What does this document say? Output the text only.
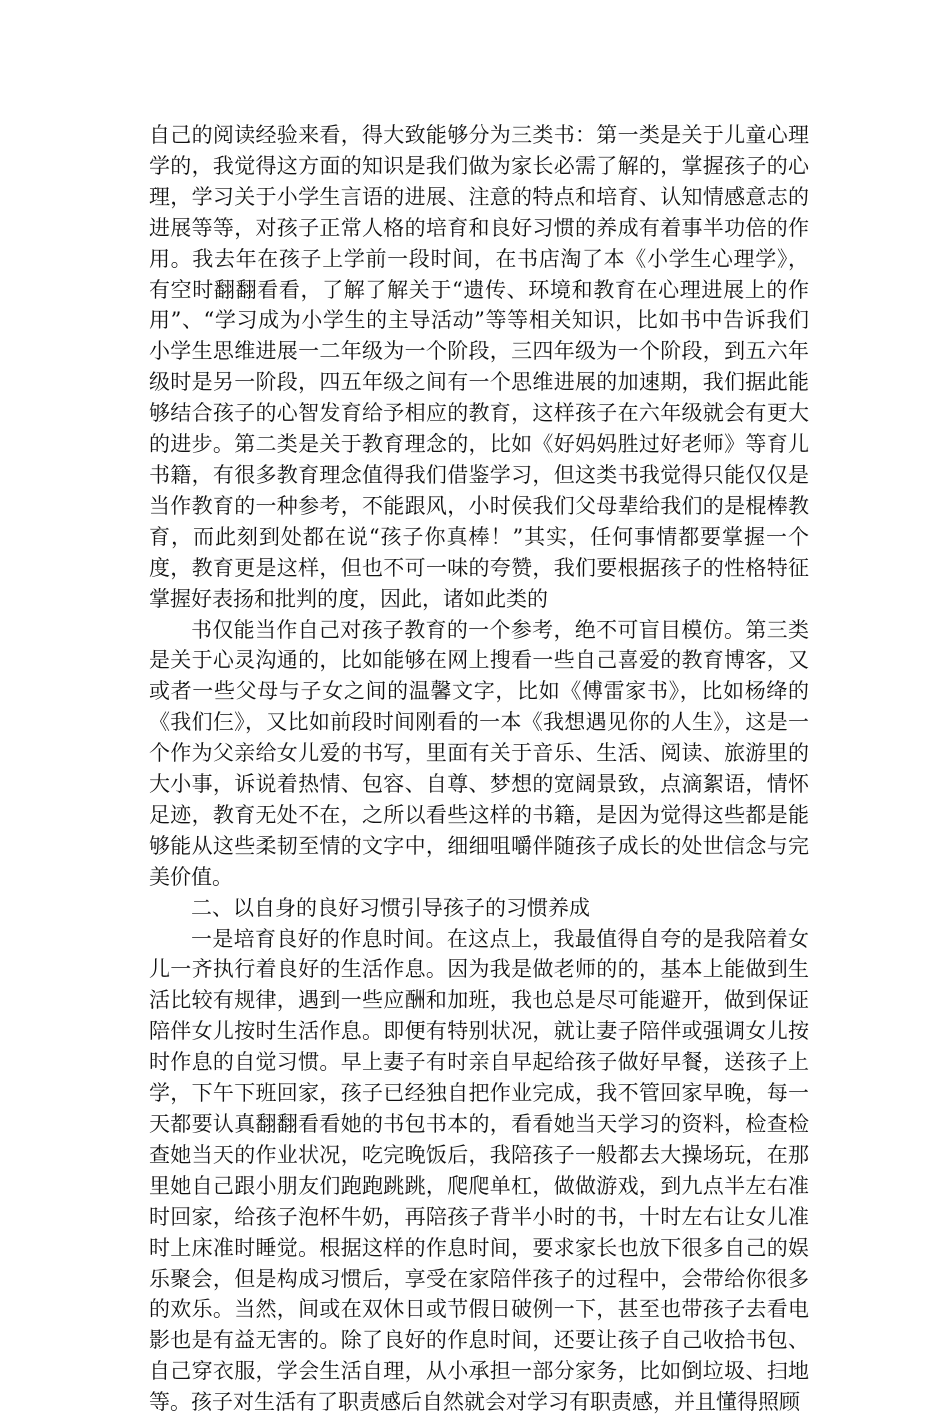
自己的阅读经验来看，得大致能够分为三类书：第一类是关于儿童心理学的，我觉得这方面的知识是我们做为家长必需了解的，掌握孩子的心理，学习关于小学生言语的进展、注意的特点和培育、认知情感意志的进展等等，对孩子正常人格的培育和良好习惯的养成有着事半功倍的作用。我去年在孩子上学前一段时间，在书店淘了本《小学生心理学》，有空时翻翻看看，了解了解关于“遗传、环境和教育在心理进展上的作用”、“学习成为小学生的主导活动”等等相关知识，比如书中告诉我们小学生思维进展一二年级为一个阶段，三四年级为一个阶段，到五六年级时是另一阶段，四五年级之间有一个思维进展的加速期，我们据此能够结合孩子的心智发育给予相应的教育，这样孩子在六年级就会有更大的进步。第二类是关于教育理念的，比如《好妈妈胜过好老师》等育儿书籍，有很多教育理念值得我们借鉴学习，但这类书我觉得只能仅仅是当作教育的一种参考，不能跟风，小时侯我们父母辈给我们的是棍棒教育，而此刻到处都在说“孩子你真棒！”其实，任何事情都要掌握一个度，教育更是这样，但也不可一味的夸赞，我们要根据孩子的性格特征掌握好表扬和批判的度，因此，诸如此类的

书仅能当作自己对孩子教育的一个参考，绝不可盲目模仿。第三类是关于心灵沟通的，比如能够在网上搜看一些自己喜爱的教育博客，又或者一些父母与子女之间的温馨文字，比如《傅雷家书》，比如杨绛的《我们仨》，又比如前段时间刚看的一本《我想遇见你的人生》，这是一个作为父亲给女儿爱的书写，里面有关于音乐、生活、阅读、旅游里的大小事，诉说着热情、包容、自尊、梦想的宽阔景致，点滴絮语，情怀足迹，教育无处不在，之所以看些这样的书籍，是因为觉得这些都是能够能从这些柔韧至情的文字中，细细咀嚼伴随孩子成长的处世信念与完美价值。

二、以自身的良好习惯引导孩子的习惯养成

一是培育良好的作息时间。在这点上，我最值得自夸的是我陪着女儿一齐执行着良好的生活作息。因为我是做老师的的，基本上能做到生活比较有规律，遇到一些应酬和加班，我也总是尽可能避开，做到保证陪伴女儿按时生活作息。即便有特别状况，就让妻子陪伴或强调女儿按时作息的自觉习惯。早上妻子有时亲自早起给孩子做好早餐，送孩子上学，下午下班回家，孩子已经独自把作业完成，我不管回家早晚，每一天都要认真翻翻看看她的书包书本的，看看她当天学习的资料，检查检查她当天的作业状况，吃完晚饭后，我陪孩子一般都去大操场玩，在那里她自己跟小朋友们跑跑跳跳，爬爬单杠，做做游戏，到九点半左右准时回家，给孩子泡杯牛奶，再陪孩子背半小时的书，十时左右让女儿准时上床准时睡觉。根据这样的作息时间，要求家长也放下很多自己的娱乐聚会，但是构成习惯后，享受在家陪伴孩子的过程中，会带给你很多的欢乐。当然，间或在双休日或节假日破例一下，甚至也带孩子去看电影也是有益无害的。除了良好的作息时间，还要让孩子自己收拾书包、自己穿衣服，学会生活自理，从小承担一部分家务，比如倒垃圾、扫地等。孩子对生活有了职责感后自然就会对学习有职责感，并且懂得照顾
